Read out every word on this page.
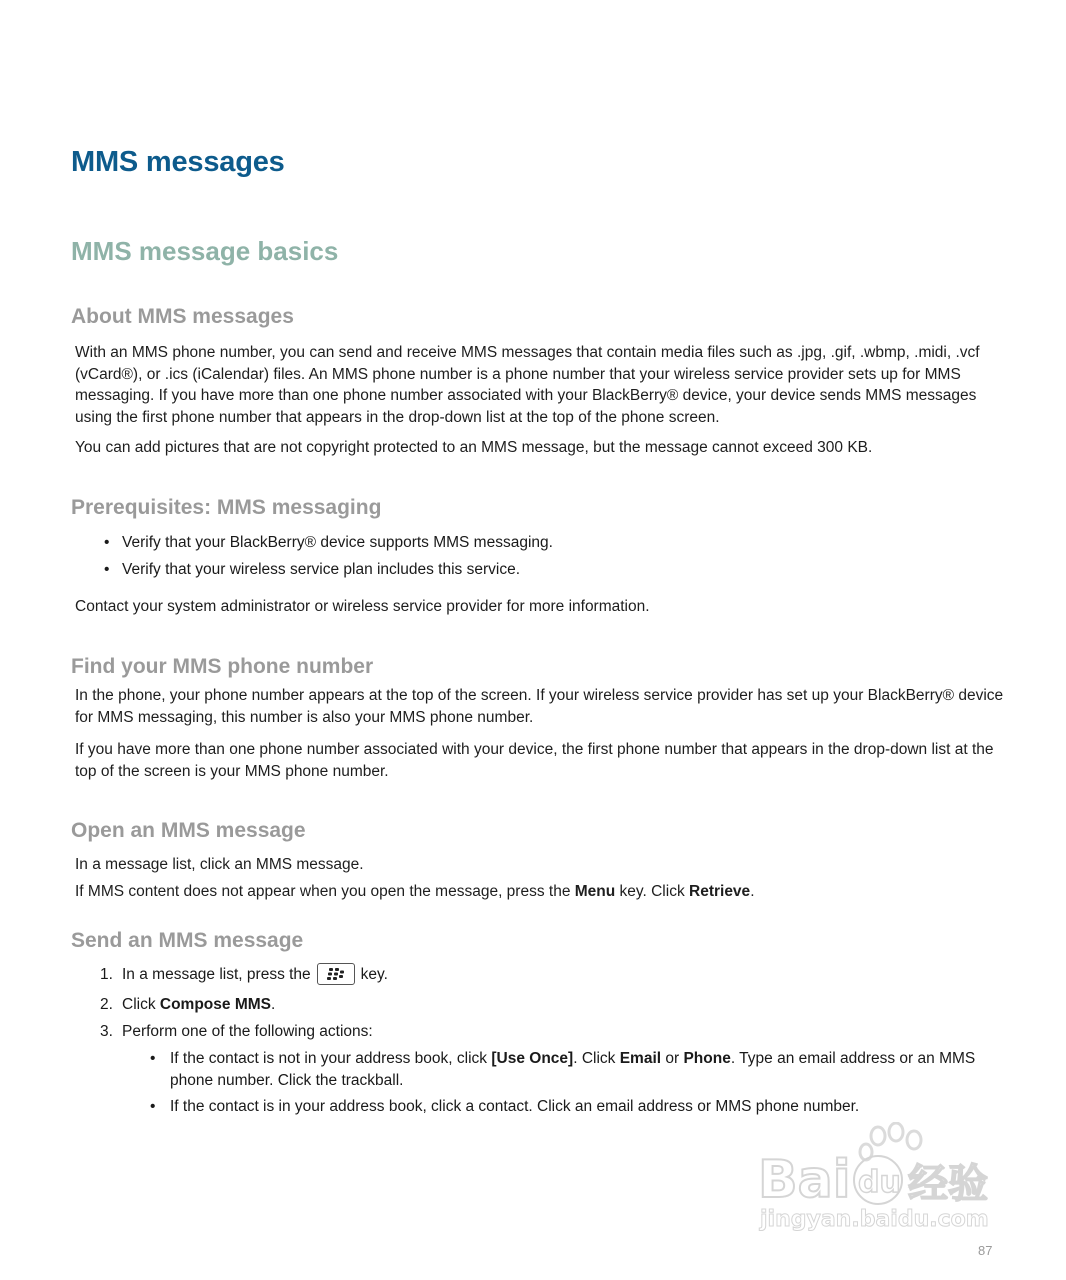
MMS messages
MMS message basics
About MMS messages

With an MMS phone number, you can send and receive MMS messages that contain media files such as .jpg, .gif, .wbmp, .midi, .vcf (vCard®), or .ics (iCalendar) files. An MMS phone number is a phone number that your wireless service provider sets up for MMS messaging. If you have more than one phone number associated with your BlackBerry® device, your device sends MMS messages using the first phone number that appears in the drop-down list at the top of the phone screen.

You can add pictures that are not copyright protected to an MMS message, but the message cannot exceed 300 KB.

Prerequisites: MMS messaging
• Verify that your BlackBerry® device supports MMS messaging.
• Verify that your wireless service plan includes this service.
Contact your system administrator or wireless service provider for more information.
Find your MMS phone number

In the phone, your phone number appears at the top of the screen. If your wireless service provider has set up your BlackBerry® device for MMS messaging, this number is also your MMS phone number.

If you have more than one phone number associated with your device, the first phone number that appears in the drop-down list at the top of the screen is your MMS phone number.

Open an MMS message
In a message list, click an MMS message.
If MMS content does not appear when you open the message, press the Menu key. Click Retrieve.
Send an MMS message
1. In a message list, press the	key.
2. Click Compose MMS.
3. Perform one of the following actions:
• If the contact is not in your address book, click [Use Once]. Click Email or Phone. Type an email address or an MMS phone number. Click the trackball.
• If the contact is in your address book, click a contact. Click an email address or MMS phone number.
Bai du 经验
jingyan.baidu.com
87
